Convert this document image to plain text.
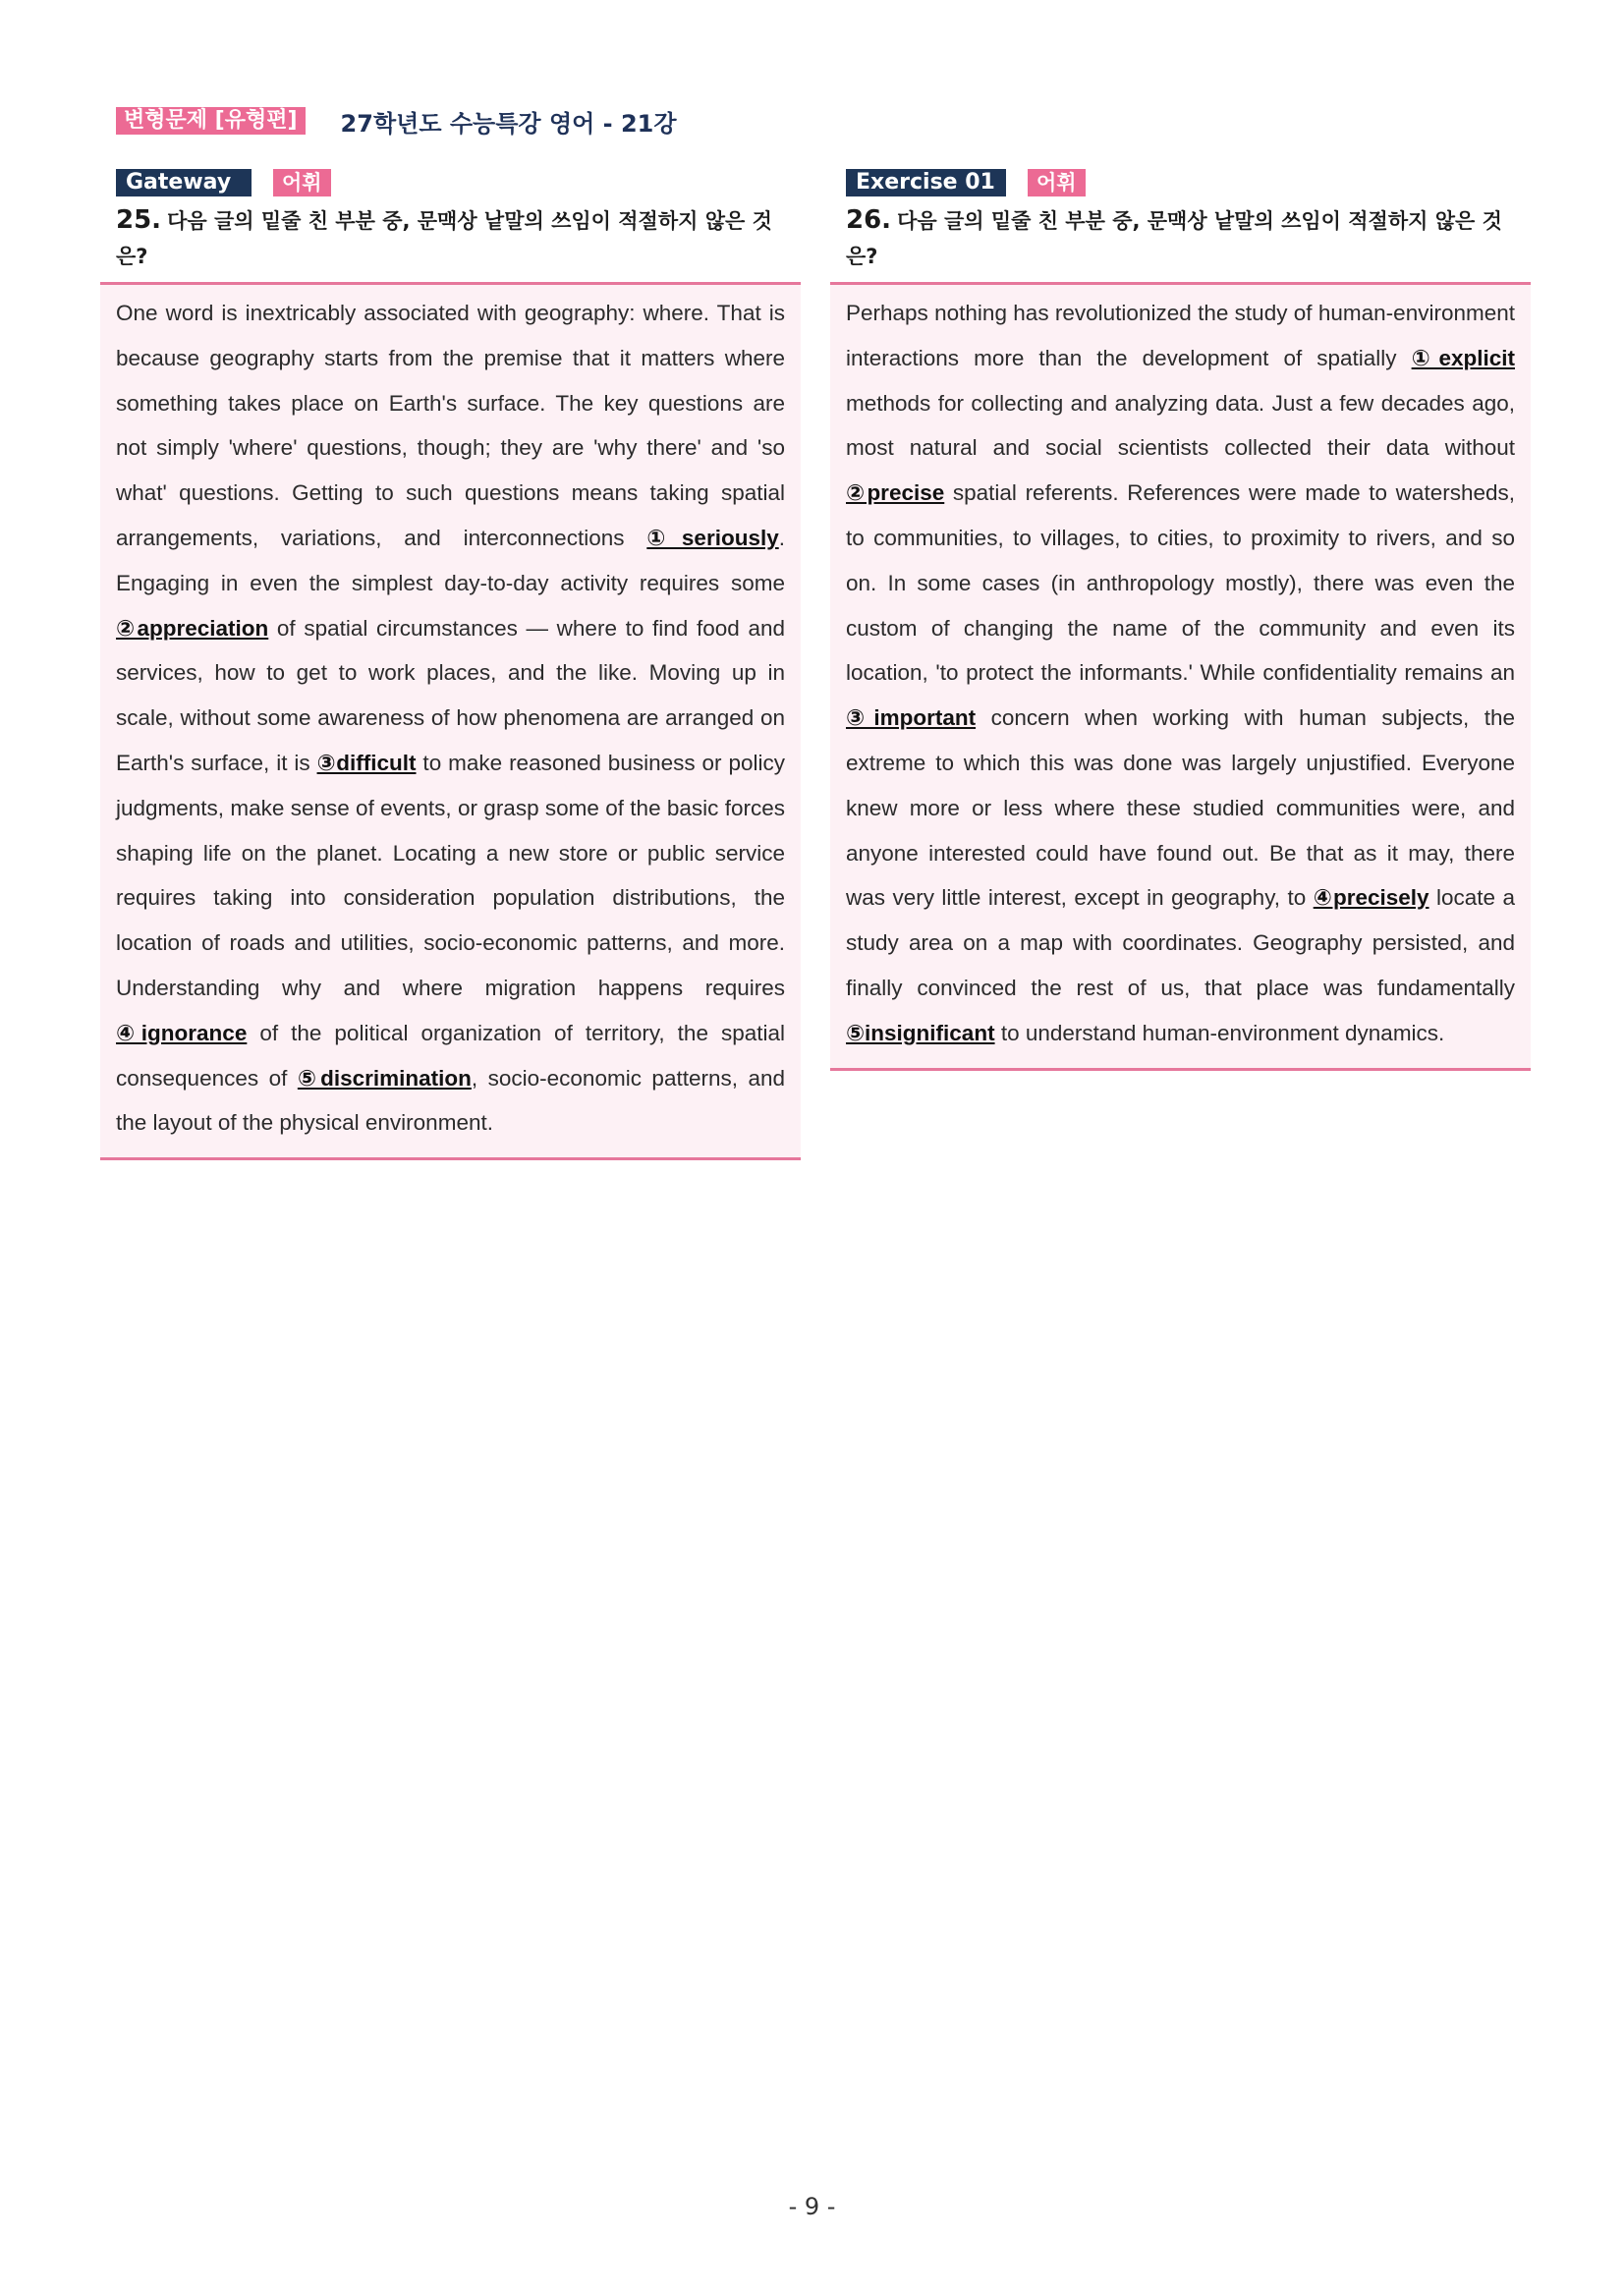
변형문제 [유형편]	27학년도 수능특강 영어 - 21강
Gateway	어휘
25. 다음 글의 밑줄 친 부분 중, 문맥상 낱말의 쓰임이 적절하지 않은 것은?

One word is inextricably associated with geography: where. That is because geography starts from the premise that it matters where something takes place on Earth's surface. The key questions are not simply 'where' questions, though; they are 'why there' and 'so what' questions. Getting to such questions means taking spatial arrangements, variations, and interconnections ①seriously. Engaging in even the simplest day-to-day activity requires some ②appreciation of spatial circumstances — where to find food and services, how to get to work places, and the like. Moving up in scale, without some awareness of how phenomena are arranged on Earth's surface, it is ③difficult to make reasoned business or policy judgments, make sense of events, or grasp some of the basic forces shaping life on the planet. Locating a new store or public service requires taking into consideration population distributions, the location of roads and utilities, socio-economic patterns, and more. Understanding why and where migration happens requires ④ignorance of the political organization of territory, the spatial consequences of ⑤discrimination, socio-economic patterns, and the layout of the physical environment.

Exercise 01	어휘
26. 다음 글의 밑줄 친 부분 중, 문맥상 낱말의 쓰임이 적절하지 않은 것은?

Perhaps nothing has revolutionized the study of human-environment interactions more than the development of spatially ①explicit methods for collecting and analyzing data. Just a few decades ago, most natural and social scientists collected their data without ②precise spatial referents. References were made to watersheds, to communities, to villages, to cities, to proximity to rivers, and so on. In some cases (in anthropology mostly), there was even the custom of changing the name of the community and even its location, 'to protect the informants.' While confidentiality remains an ③important concern when working with human subjects, the extreme to which this was done was largely unjustified. Everyone knew more or less where these studied communities were, and anyone interested could have found out. Be that as it may, there was very little interest, except in geography, to ④precisely locate a study area on a map with coordinates. Geography persisted, and finally convinced the rest of us, that place was fundamentally ⑤insignificant to understand human-environment dynamics.

- 9 -
